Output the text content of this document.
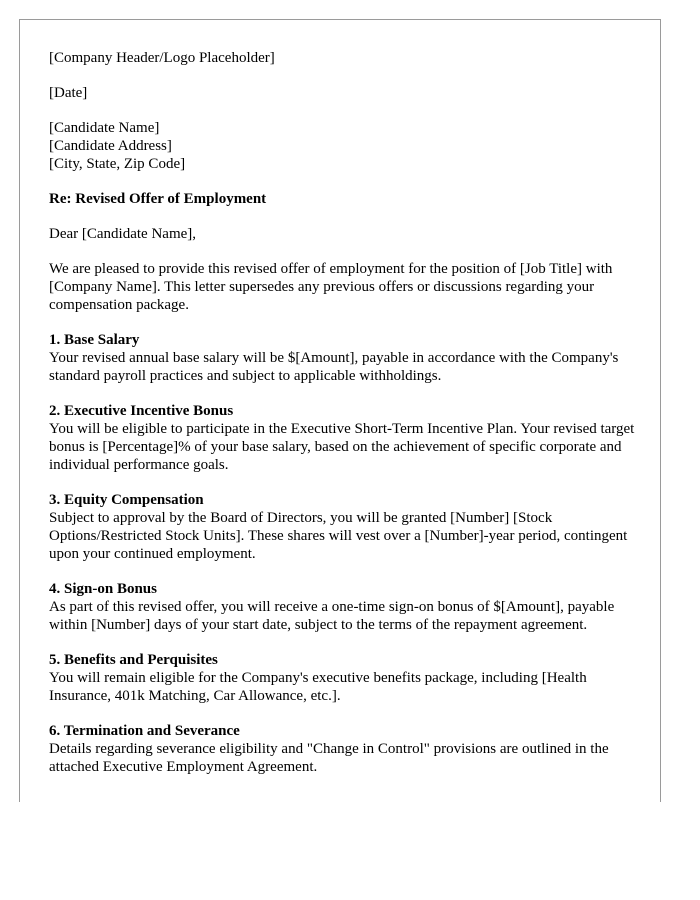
[Company Header/Logo Placeholder]

[Date]

[Candidate Name]
[Candidate Address]
[City, State, Zip Code]

Re: Revised Offer of Employment

Dear [Candidate Name],

We are pleased to provide this revised offer of employment for the position of [Job Title] with [Company Name]. This letter supersedes any previous offers or discussions regarding your compensation package.

1. Base Salary
Your revised annual base salary will be $[Amount], payable in accordance with the Company's standard payroll practices and subject to applicable withholdings.
2. Executive Incentive Bonus
You will be eligible to participate in the Executive Short-Term Incentive Plan. Your revised target bonus is [Percentage]% of your base salary, based on the achievement of specific corporate and individual performance goals.
3. Equity Compensation
Subject to approval by the Board of Directors, you will be granted [Number] [Stock Options/Restricted Stock Units]. These shares will vest over a [Number]-year period, contingent upon your continued employment.
4. Sign-on Bonus
As part of this revised offer, you will receive a one-time sign-on bonus of $[Amount], payable within [Number] days of your start date, subject to the terms of the repayment agreement.
5. Benefits and Perquisites
You will remain eligible for the Company's executive benefits package, including [Health Insurance, 401k Matching, Car Allowance, etc.].
6. Termination and Severance
Details regarding severance eligibility and "Change in Control" provisions are outlined in the attached Executive Employment Agreement.
